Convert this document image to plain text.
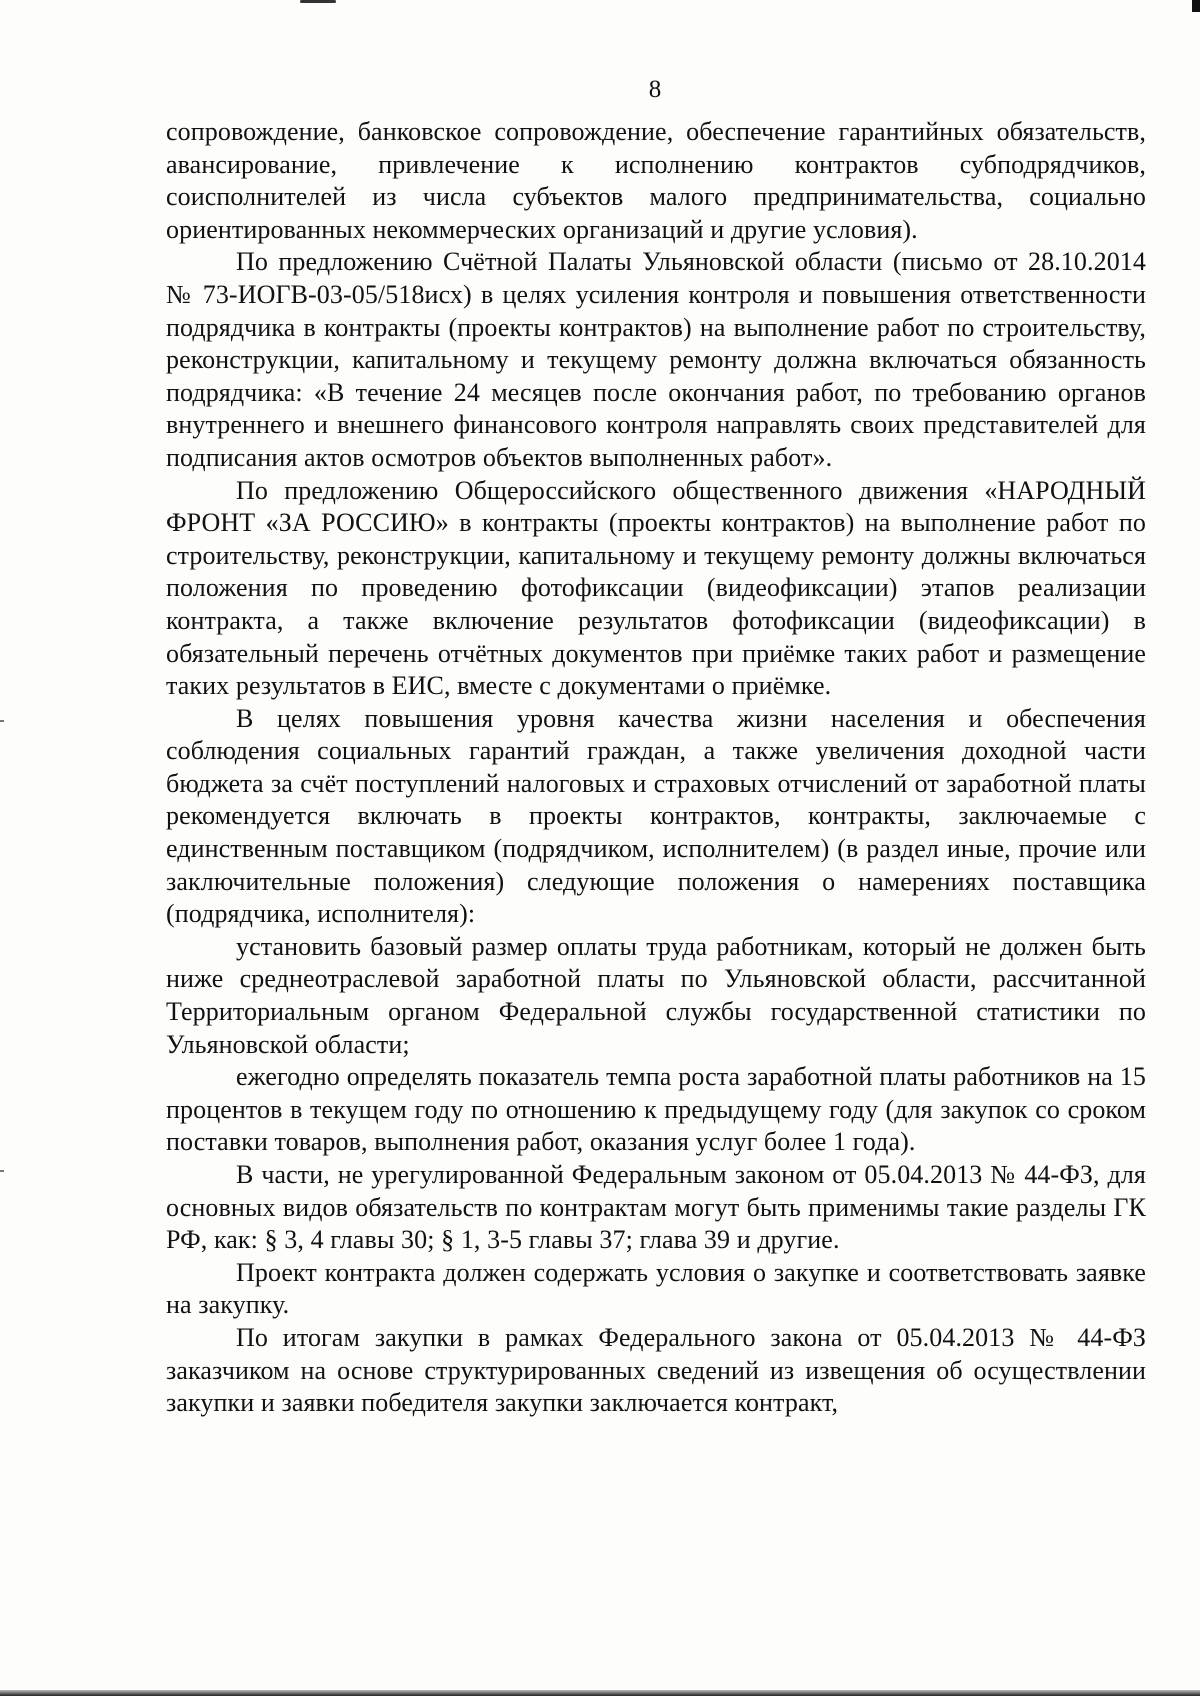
8

сопровождение, банковское сопровождение, обеспечение гарантийных обязательств, авансирование, привлечение к исполнению контрактов субподрядчиков, соисполнителей из числа субъектов малого предпринимательства, социально ориентированных некоммерческих организаций и другие условия).

По предложению Счётной Палаты Ульяновской области (письмо от 28.10.2014 № 73-ИОГВ-03-05/518исх) в целях усиления контроля и повышения ответственности подрядчика в контракты (проекты контрактов) на выполнение работ по строительству, реконструкции, капитальному и текущему ремонту должна включаться обязанность подрядчика: «В течение 24 месяцев после окончания работ, по требованию органов внутреннего и внешнего финансового контроля направлять своих представителей для подписания актов осмотров объектов выполненных работ».

По предложению Общероссийского общественного движения «НАРОДНЫЙ ФРОНТ «ЗА РОССИЮ» в контракты (проекты контрактов) на выполнение работ по строительству, реконструкции, капитальному и текущему ремонту должны включаться положения по проведению фотофиксации (видеофиксации) этапов реализации контракта, а также включение результатов фотофиксации (видеофиксации) в обязательный перечень отчётных документов при приёмке таких работ и размещение таких результатов в ЕИС, вместе с документами о приёмке.

В целях повышения уровня качества жизни населения и обеспечения соблюдения социальных гарантий граждан, а также увеличения доходной части бюджета за счёт поступлений налоговых и страховых отчислений от заработной платы рекомендуется включать в проекты контрактов, контракты, заключаемые с единственным поставщиком (подрядчиком, исполнителем) (в раздел иные, прочие или заключительные положения) следующие положения о намерениях поставщика (подрядчика, исполнителя):

установить базовый размер оплаты труда работникам, который не должен быть ниже среднеотраслевой заработной платы по Ульяновской области, рассчитанной Территориальным органом Федеральной службы государственной статистики по Ульяновской области;

ежегодно определять показатель темпа роста заработной платы работников на 15 процентов в текущем году по отношению к предыдущему году (для закупок со сроком поставки товаров, выполнения работ, оказания услуг более 1 года).

В части, не урегулированной Федеральным законом от 05.04.2013 № 44-ФЗ, для основных видов обязательств по контрактам могут быть применимы такие разделы ГК РФ, как: § 3, 4 главы 30; § 1, 3-5 главы 37; глава 39 и другие.

Проект контракта должен содержать условия о закупке и соответствовать заявке на закупку.

По итогам закупки в рамках Федерального закона от 05.04.2013 № 44-ФЗ заказчиком на основе структурированных сведений из извещения об осуществлении закупки и заявки победителя закупки заключается контракт,
